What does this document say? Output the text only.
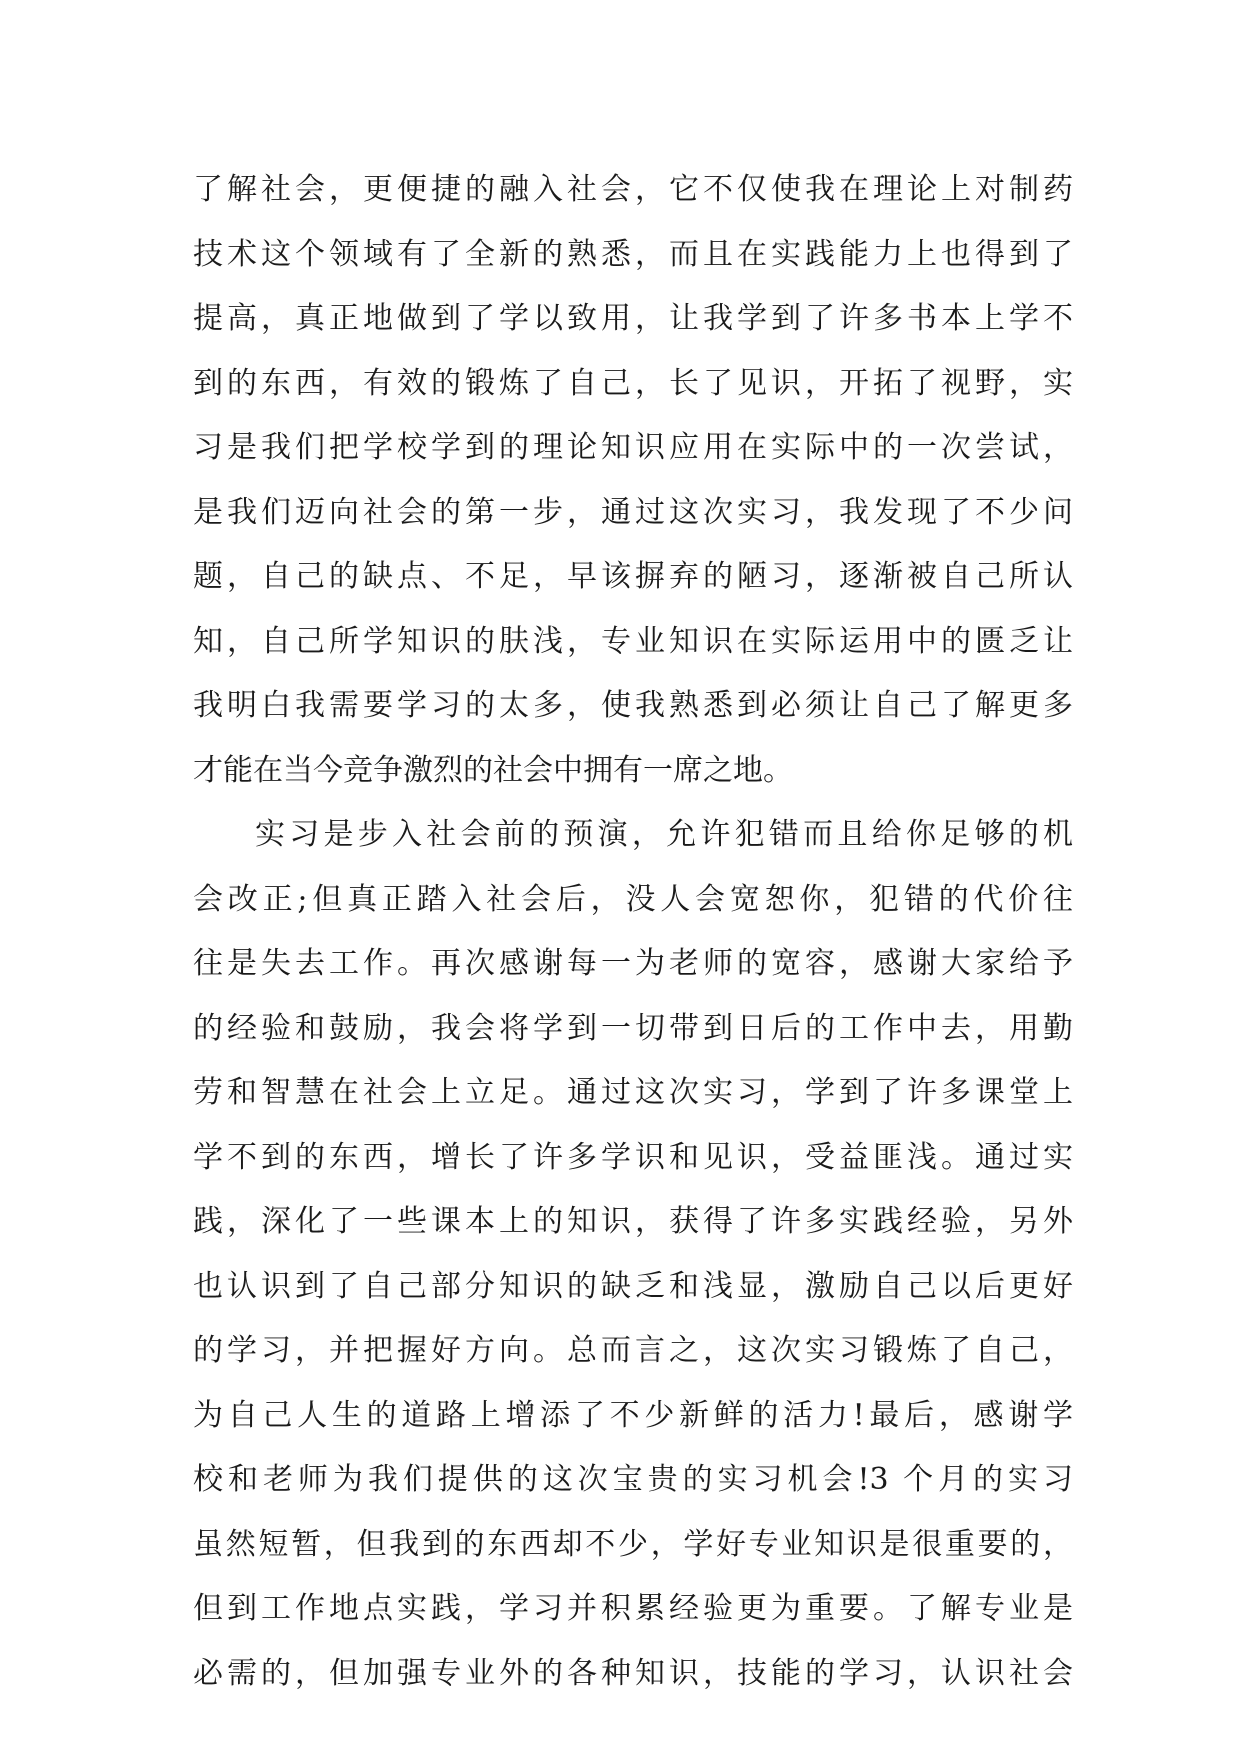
了解社会，更便捷的融入社会，它不仅使我在理论上对制药
技术这个领域有了全新的熟悉，而且在实践能力上也得到了
提高，真正地做到了学以致用，让我学到了许多书本上学不
到的东西，有效的锻炼了自己，长了见识，开拓了视野，实
习是我们把学校学到的理论知识应用在实际中的一次尝试，
是我们迈向社会的第一步，通过这次实习，我发现了不少问
题，自己的缺点、不足，早该摒弃的陋习，逐渐被自己所认
知，自己所学知识的肤浅，专业知识在实际运用中的匮乏让
我明白我需要学习的太多，使我熟悉到必须让自己了解更多
才能在当今竞争激烈的社会中拥有一席之地。
实习是步入社会前的预演，允许犯错而且给你足够的机
会改正;但真正踏入社会后，没人会宽恕你，犯错的代价往
往是失去工作。再次感谢每一为老师的宽容，感谢大家给予
的经验和鼓励，我会将学到一切带到日后的工作中去，用勤
劳和智慧在社会上立足。通过这次实习，学到了许多课堂上
学不到的东西，增长了许多学识和见识，受益匪浅。通过实
践，深化了一些课本上的知识，获得了许多实践经验，另外
也认识到了自己部分知识的缺乏和浅显，激励自己以后更好
的学习，并把握好方向。总而言之，这次实习锻炼了自己，
为自己人生的道路上增添了不少新鲜的活力!最后，感谢学
校和老师为我们提供的这次宝贵的实习机会!3 个月的实习
虽然短暂，但我到的东西却不少，学好专业知识是很重要的，
但到工作地点实践，学习并积累经验更为重要。了解专业是
必需的，但加强专业外的各种知识，技能的学习，认识社会
